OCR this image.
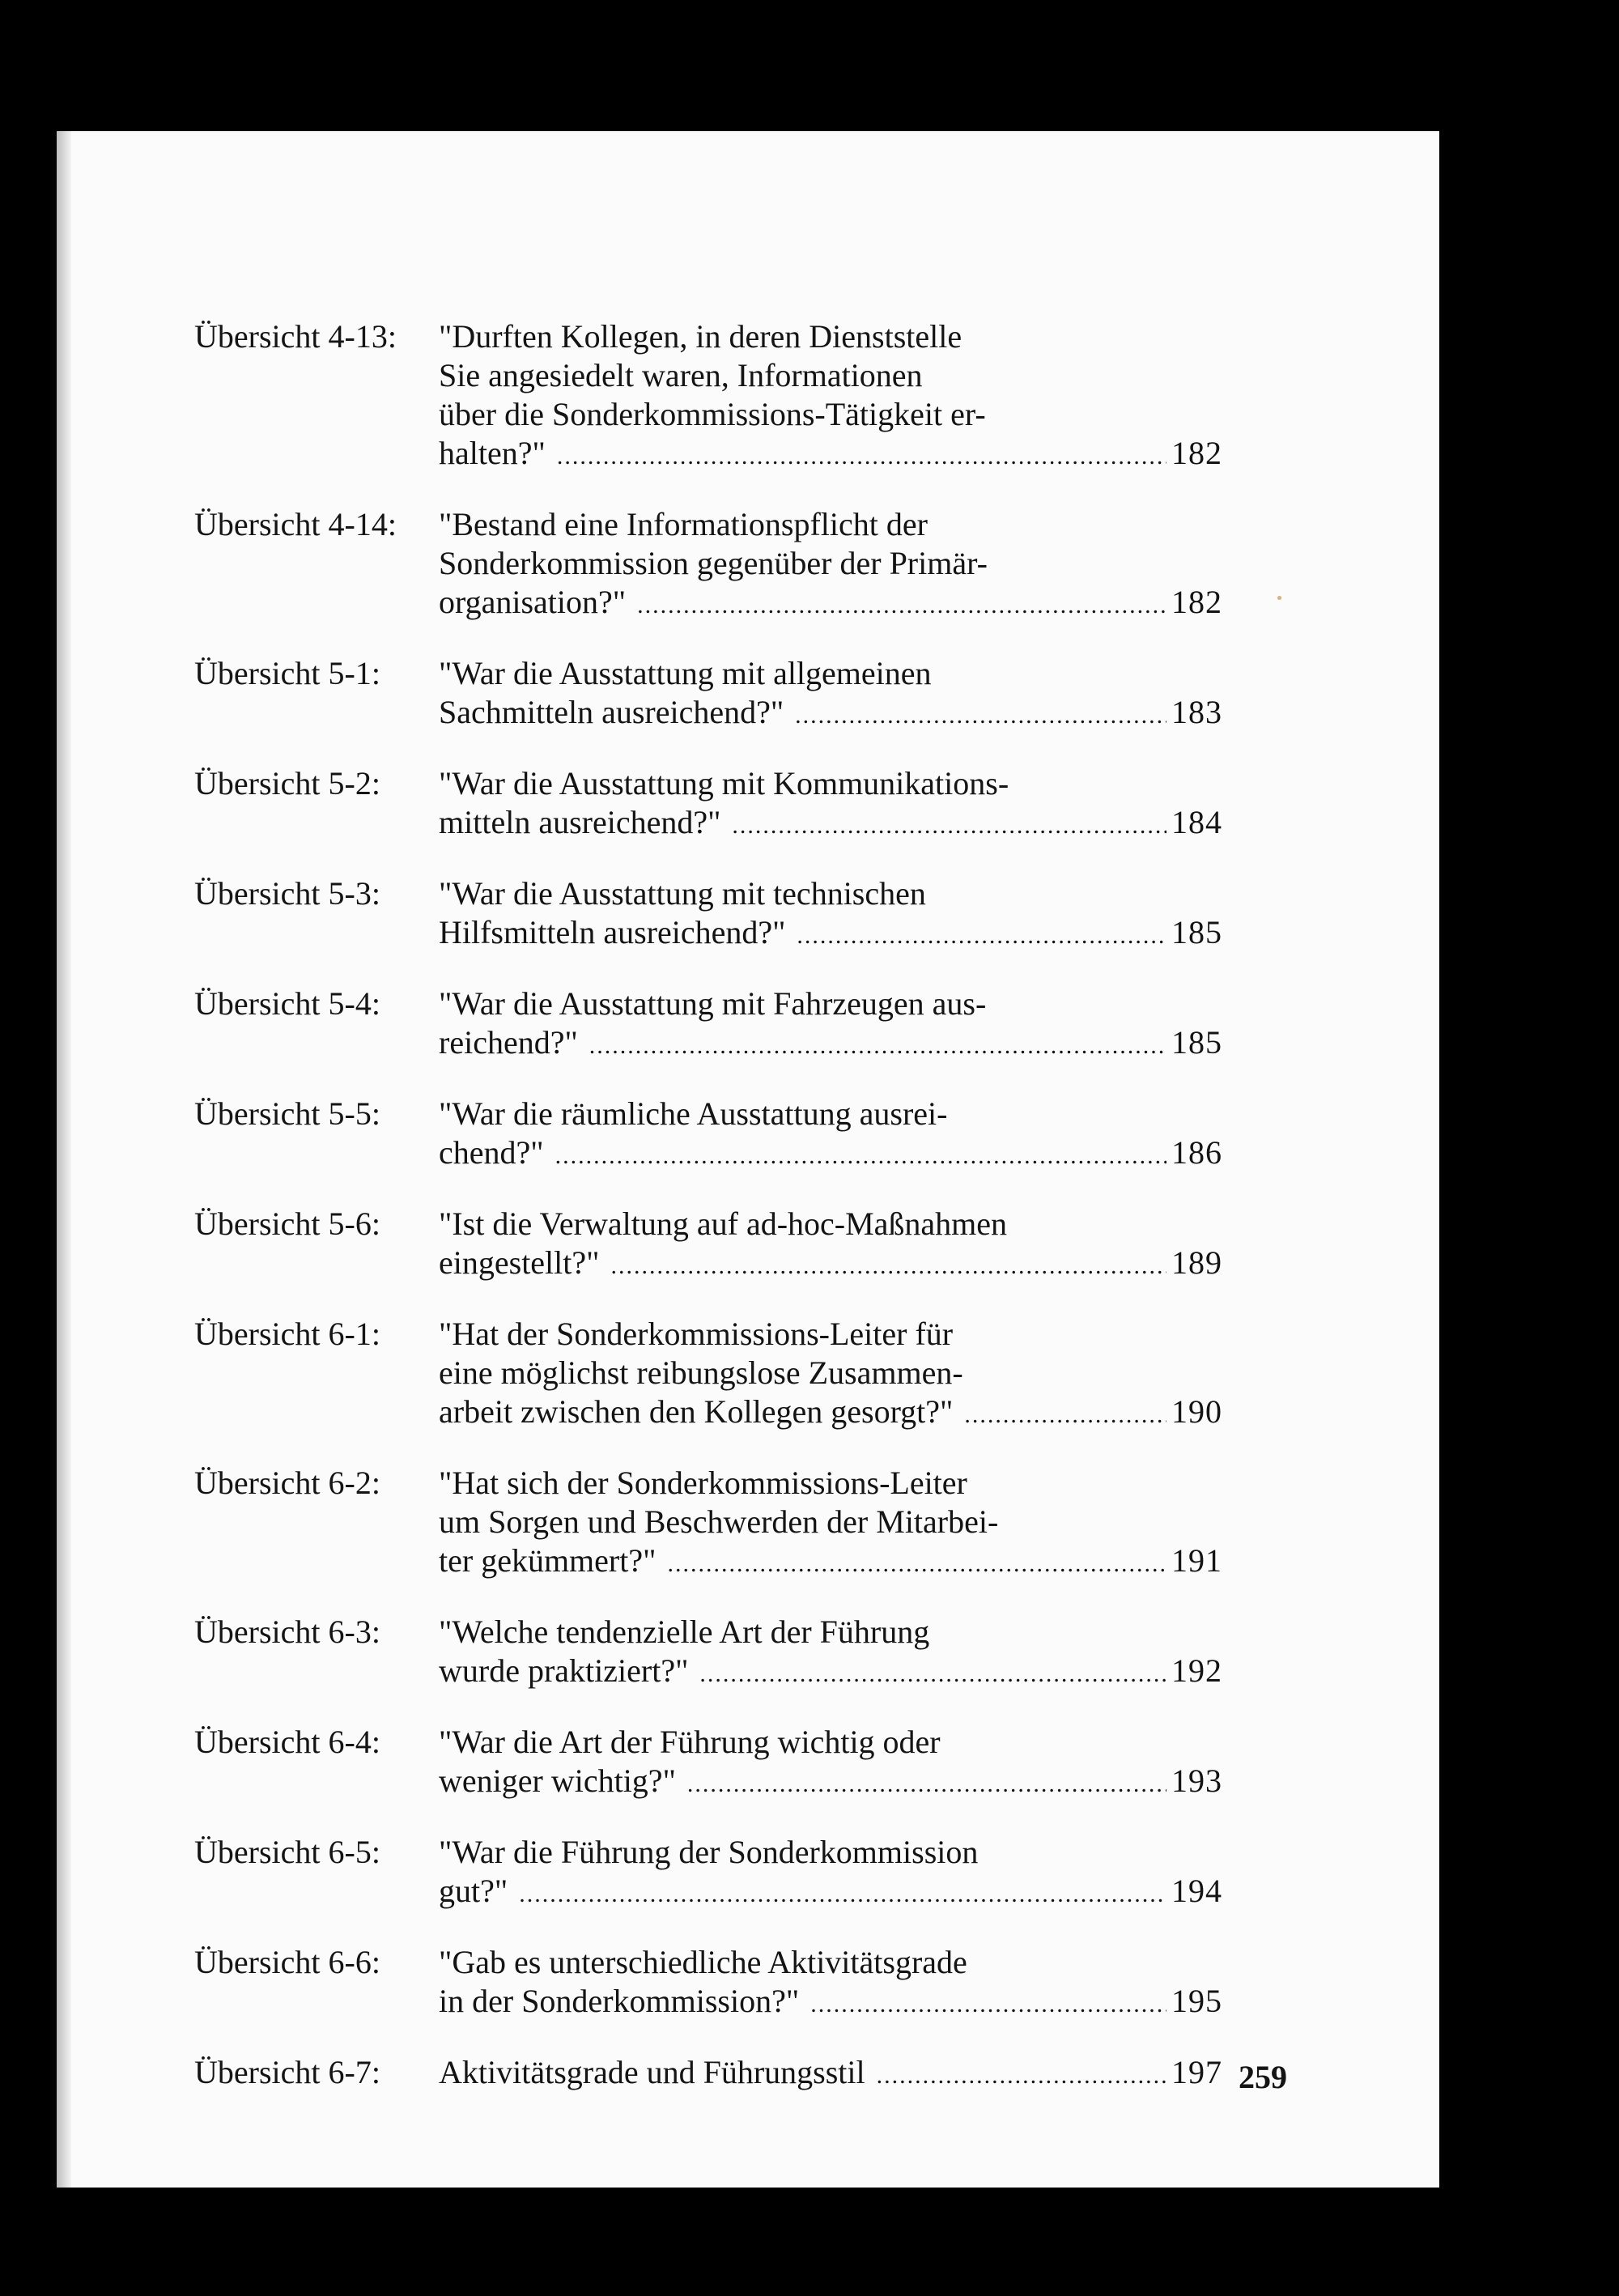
Übersicht 4-13:	"Durften Kollegen, in deren Dienststelle
Sie angesiedelt waren, Informationen
über die Sonderkommissions-Tätigkeit er-
halten?" .....	182
Übersicht 4-14:	"Bestand eine Informationspflicht der
Sonderkommission gegenüber der Primär-
organisation?" .....	182
Übersicht 5-1:	"War die Ausstattung mit allgemeinen
Sachmitteln ausreichend?" .....	183
Übersicht 5-2:	"War die Ausstattung mit Kommunikations-
mitteln ausreichend?" .....	184
Übersicht 5-3:	"War die Ausstattung mit technischen
Hilfsmitteln ausreichend?" .....	185
Übersicht 5-4:	"War die Ausstattung mit Fahrzeugen aus-
reichend?" .....	185
Übersicht 5-5:	"War die räumliche Ausstattung ausrei-
chend?" .....	186
Übersicht 5-6:	"Ist die Verwaltung auf ad-hoc-Maßnahmen
eingestellt?" .....	189
Übersicht 6-1:	"Hat der Sonderkommissions-Leiter für
eine möglichst reibungslose Zusammen-
arbeit zwischen den Kollegen gesorgt?" .....	190
Übersicht 6-2:	"Hat sich der Sonderkommissions-Leiter
um Sorgen und Beschwerden der Mitarbei-
ter gekümmert?" .....	191
Übersicht 6-3:	"Welche tendenzielle Art der Führung
wurde praktiziert?" .....	192
Übersicht 6-4:	"War die Art der Führung wichtig oder
weniger wichtig?" .....	193
Übersicht 6-5:	"War die Führung der Sonderkommission
gut?" .....	194
Übersicht 6-6:	"Gab es unterschiedliche Aktivitätsgrade
in der Sonderkommission?" .....	195
Übersicht 6-7:	Aktivitätsgrade und Führungsstil .....	197 259
